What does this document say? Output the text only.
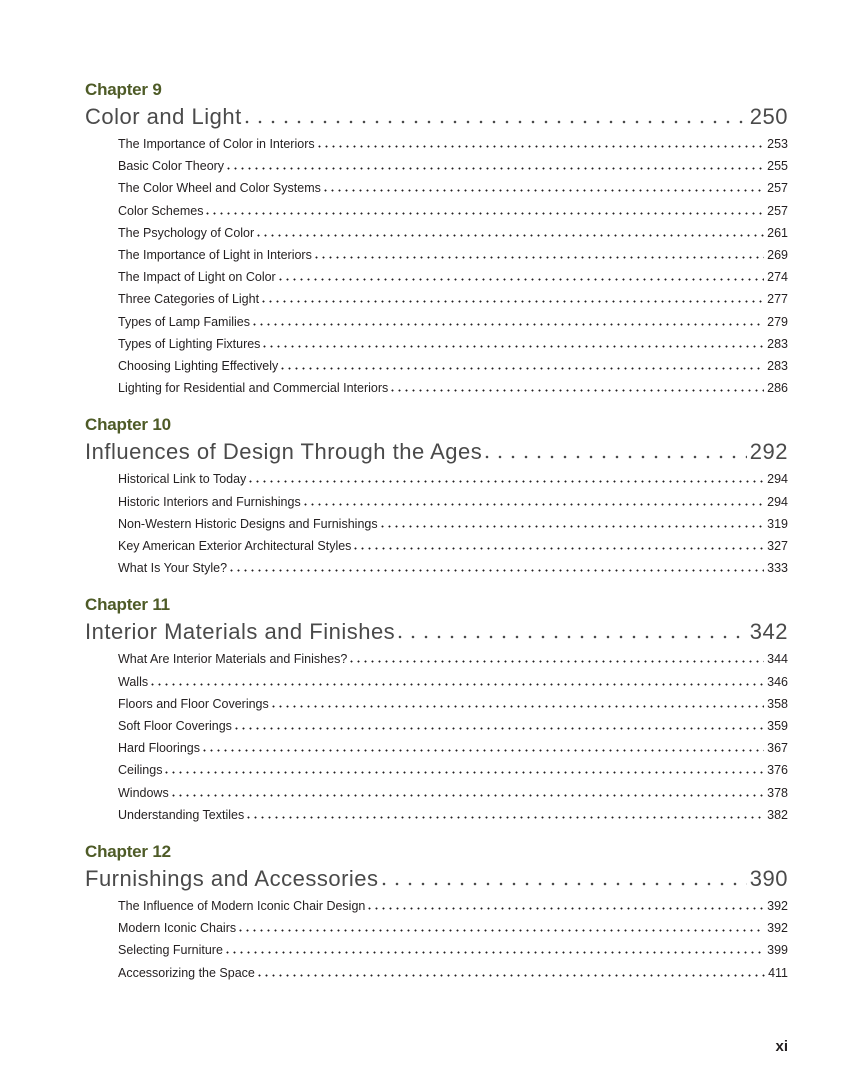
Chapter 9
Color and Light	250
The Importance of Color in Interiors	253
Basic Color Theory	255
The Color Wheel and Color Systems	257
Color Schemes	257
The Psychology of Color	261
The Importance of Light in Interiors	269
The Impact of Light on Color	274
Three Categories of Light	277
Types of Lamp Families	279
Types of Lighting Fixtures	283
Choosing Lighting Effectively	283
Lighting for Residential and Commercial Interiors	286
Chapter 10
Influences of Design Through the Ages	292
Historical Link to Today	294
Historic Interiors and Furnishings	294
Non-Western Historic Designs and Furnishings	319
Key American Exterior Architectural Styles	327
What Is Your Style?	333
Chapter 11
Interior Materials and Finishes	342
What Are Interior Materials and Finishes?	344
Walls	346
Floors and Floor Coverings	358
Soft Floor Coverings	359
Hard Floorings	367
Ceilings	376
Windows	378
Understanding Textiles	382
Chapter 12
Furnishings and Accessories	390
The Influence of Modern Iconic Chair Design	392
Modern Iconic Chairs	392
Selecting Furniture	399
Accessorizing the Space	411
xi
